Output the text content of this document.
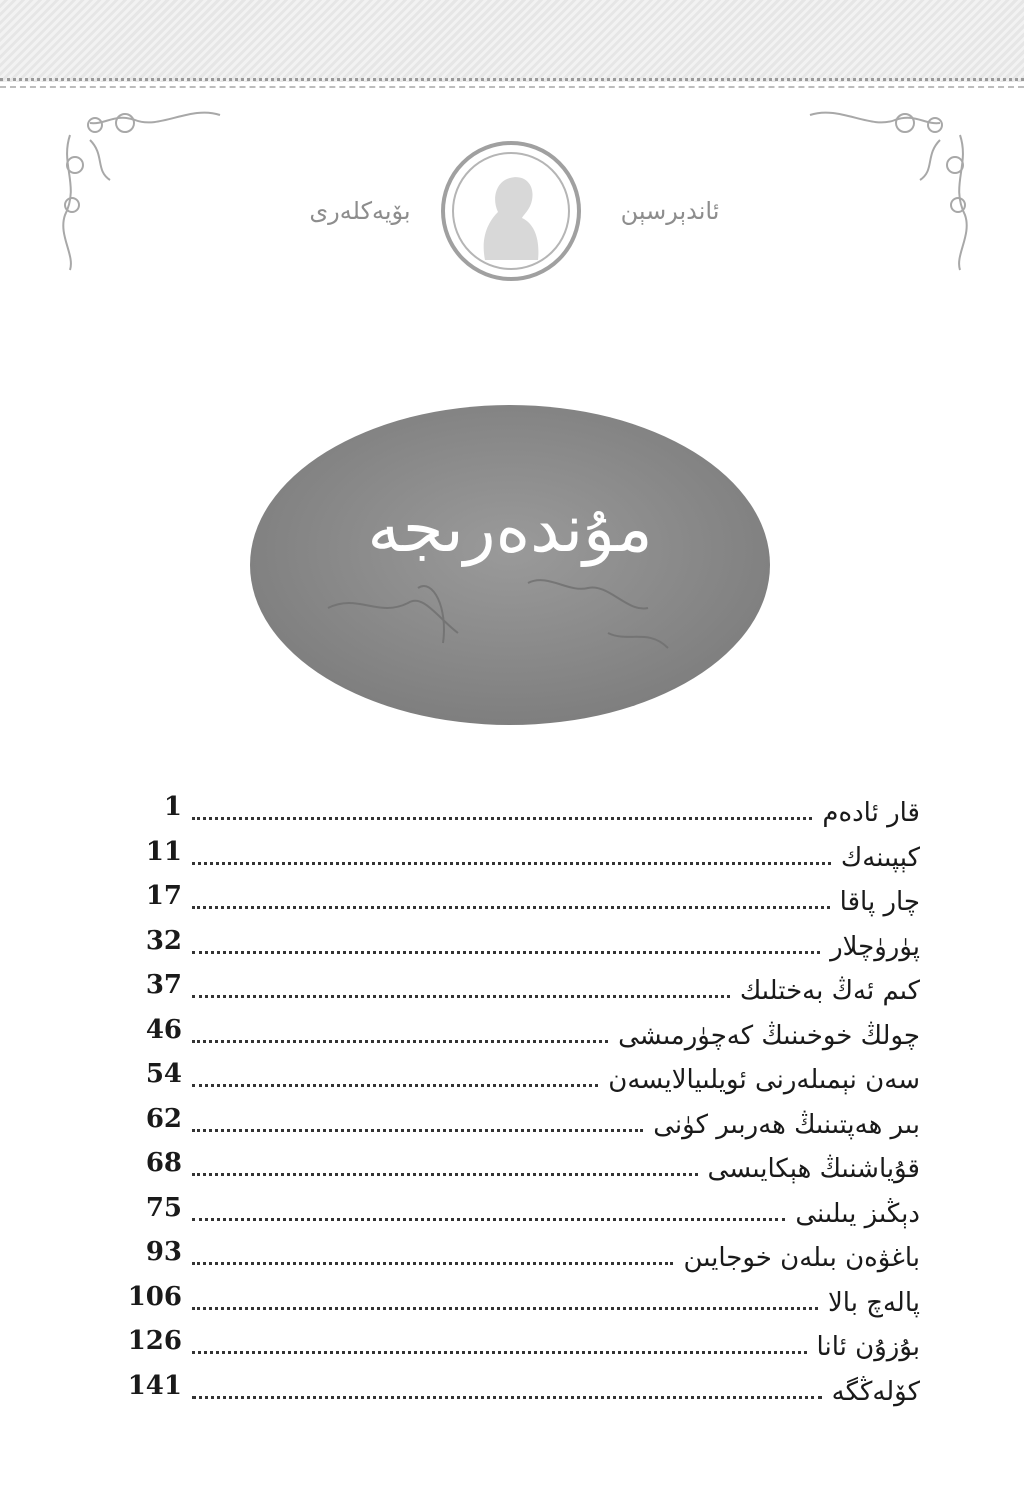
بۆيەكلەرى	ئاندېرسېن
مۇندەرىجە
1	قار ئادەم
11	كېپىنەك
17	چار پاقا
32	پۈرۈچلار
37	كىم ئەڭ بەختلىك
46	چولڭ خوخىنىڭ كەچۈرمىشى
54	سەن نېمىلەرنى ئويلىيالايسەن
62	بىر ھەپتىنىڭ ھەربىر كۈنى
68	قۇياشنىڭ ھېكايىسى
75	دېڭىز يىلىنى
93	باغۋەن بىلەن خوجايىن
106	پالەچ بالا
126	بۇزۇن ئانا
141	كۆلەڭگە
